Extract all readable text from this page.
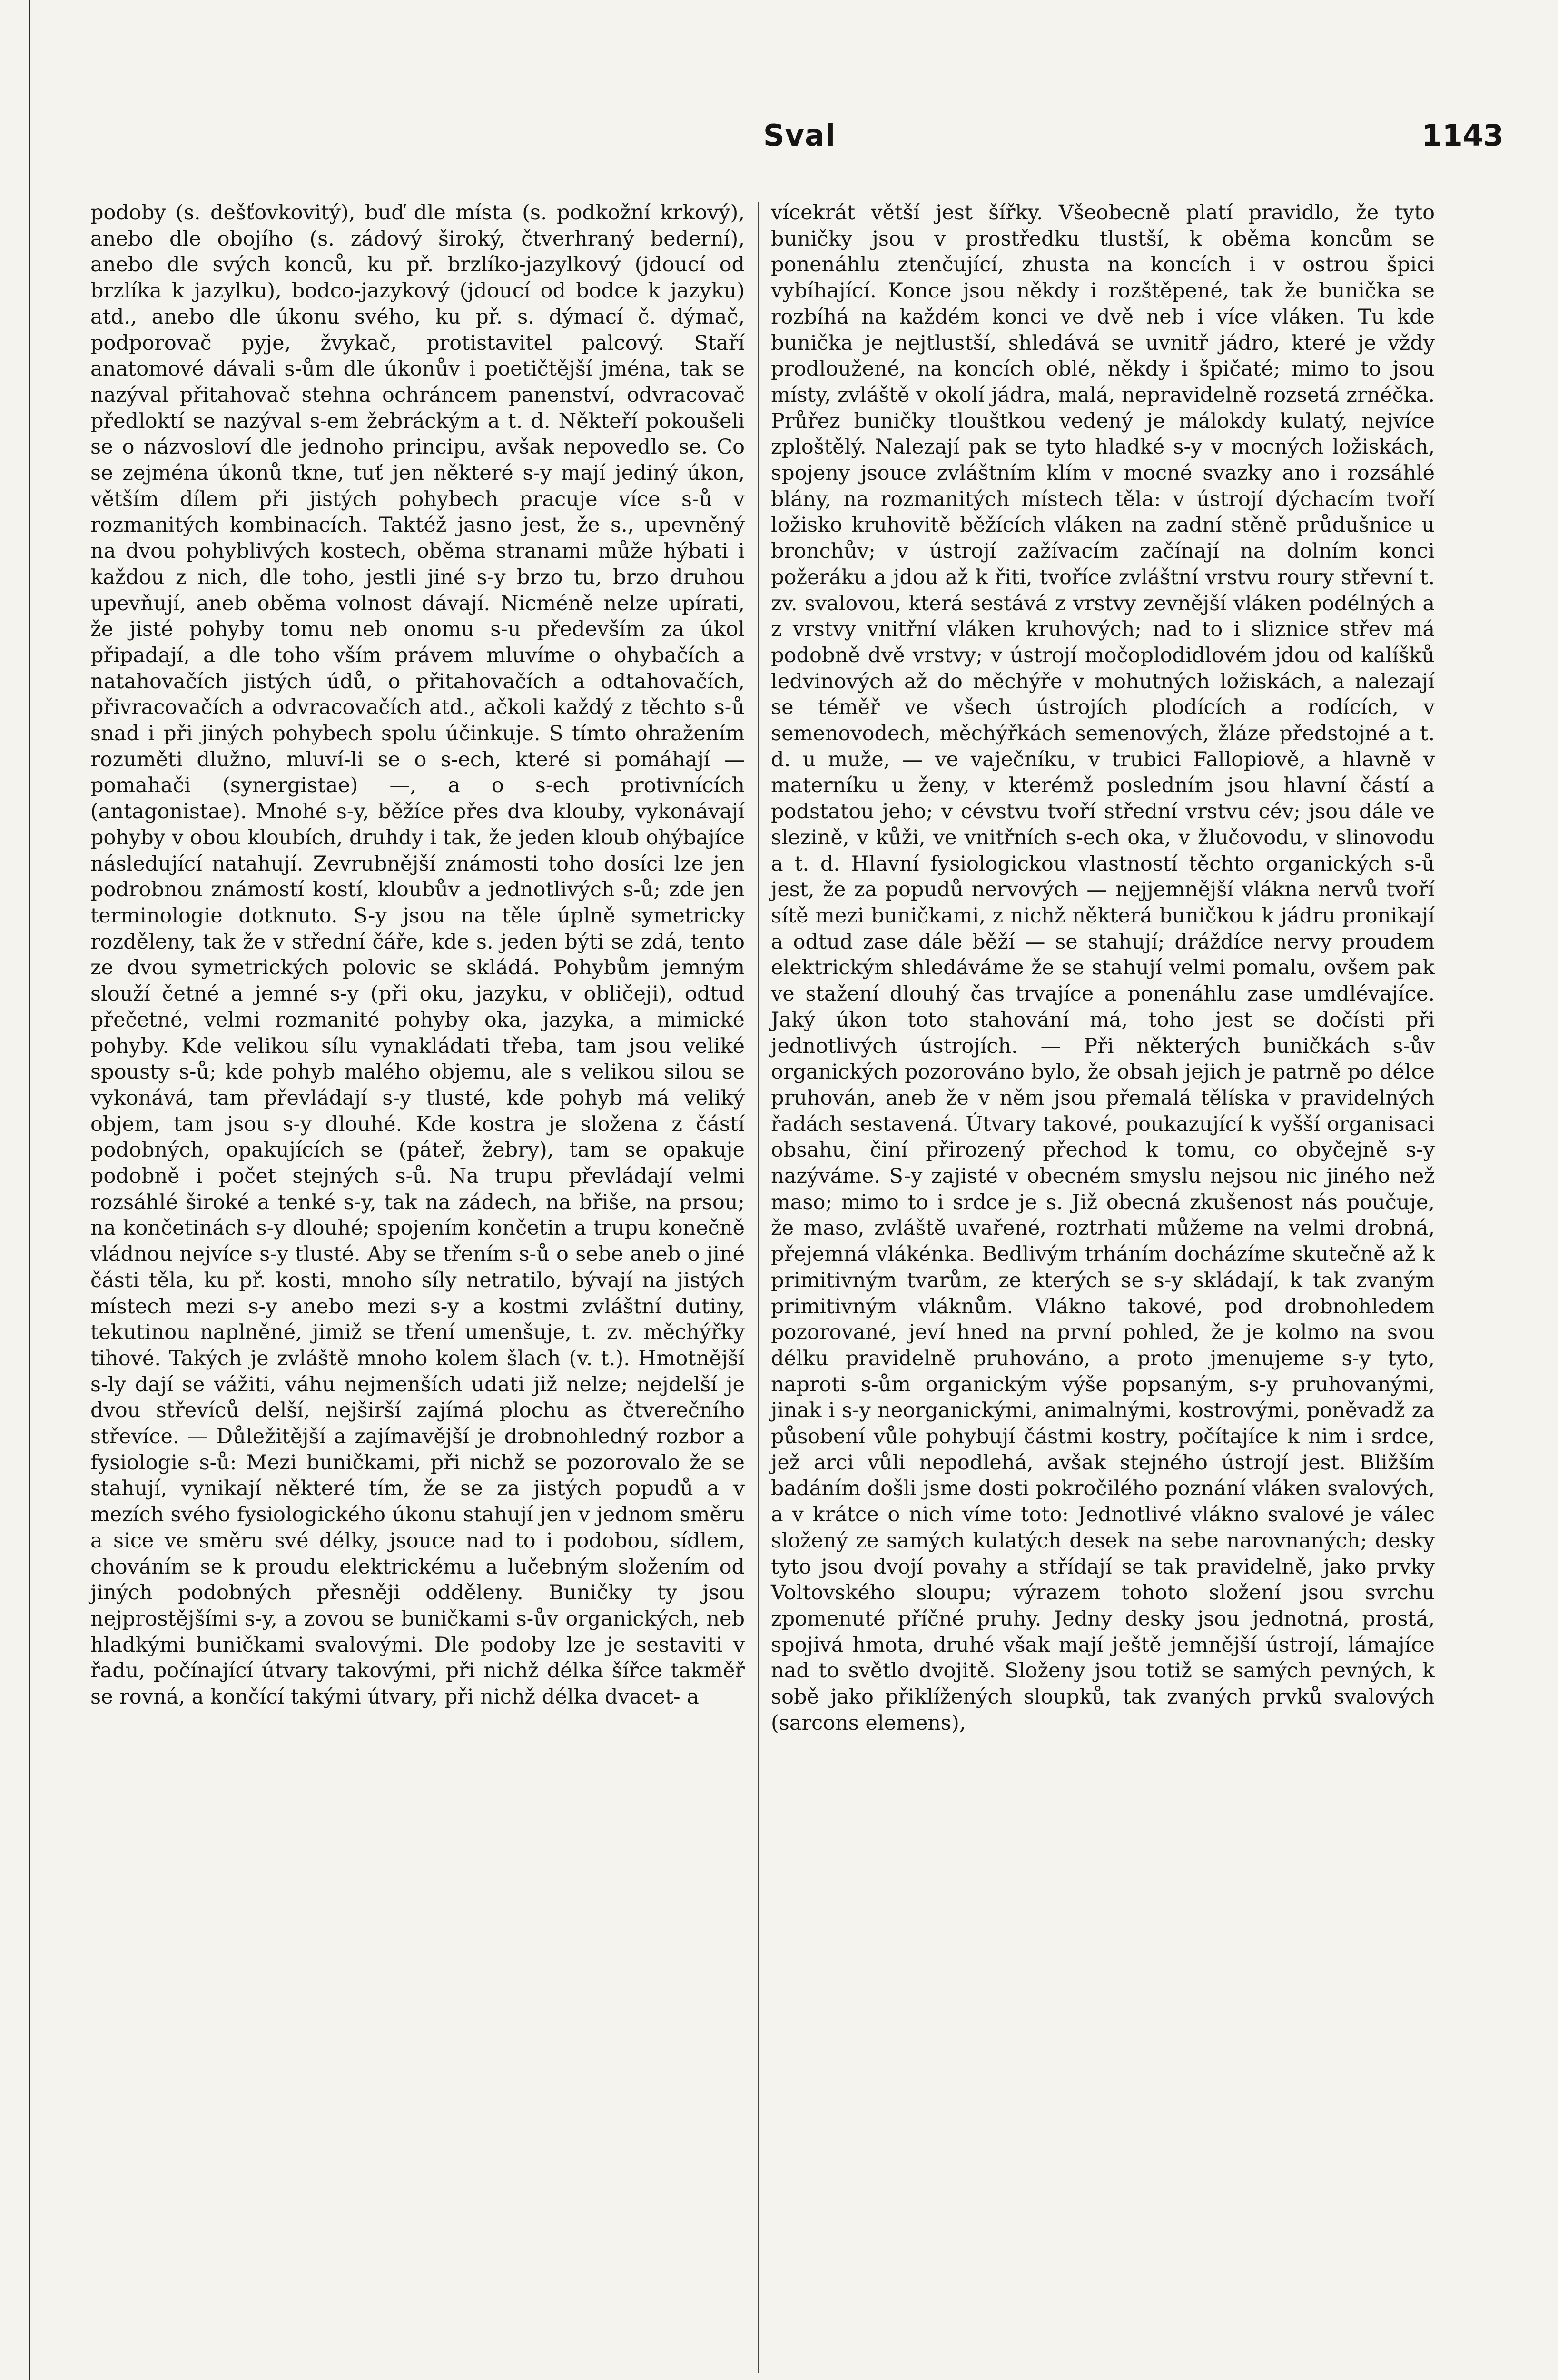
Sval	1143

podoby (s. dešťovkovitý), buď dle místa (s. podkožní krkový), anebo dle obojího (s. zádový široký, čtverhraný bederní), anebo dle svých konců, ku př. brzlíko-jazylkový (jdoucí od brzlíka k jazylku), bodco-jazykový (jdoucí od bodce k jazyku) atd., anebo dle úkonu svého, ku př. s. dýmací č. dýmač, podporovač pyje, žvykač, protistavitel palcový. Staří anatomové dávali s-ům dle úkonův i poetičtější jména, tak se nazýval přitahovač stehna ochráncem panenství, odvracovač předloktí se nazýval s-em žebráckým a t. d. Někteří pokoušeli se o názvosloví dle jednoho principu, avšak nepovedlo se. Co se zejména úkonů tkne, tuť jen některé s-y mají jediný úkon, větším dílem při jistých pohybech pracuje více s-ů v rozmanitých kombinacích. Taktéž jasno jest, že s., upevněný na dvou pohyblivých kostech, oběma stranami může hýbati i každou z nich, dle toho, jestli jiné s-y brzo tu, brzo druhou upevňují, aneb oběma volnost dávají. Nicméně nelze upírati, že jisté pohyby tomu neb onomu s-u především za úkol připadají, a dle toho vším právem mluvíme o ohybačích a natahovačích jistých údů, o přitahovačích a odtahovačích, přivracovačích a odvracovačích atd., ačkoli každý z těchto s-ů snad i při jiných pohybech spolu účinkuje. S tímto ohražením rozuměti dlužno, mluví-li se o s-ech, které si pomáhají — pomahači (synergistae) —, a o s-ech protivnících (antagonistae). Mnohé s-y, běžíce přes dva klouby, vykonávají pohyby v obou kloubích, druhdy i tak, že jeden kloub ohýbajíce následující natahují. Zevrubnější známosti toho dosíci lze jen podrobnou známostí kostí, kloubův a jednotlivých s-ů; zde jen terminologie dotknuto. S-y jsou na těle úplně symetricky rozděleny, tak že v střední čáře, kde s. jeden býti se zdá, tento ze dvou symetrických polovic se skládá. Pohybům jemným slouží četné a jemné s-y (při oku, jazyku, v obličeji), odtud přečetné, velmi rozmanité pohyby oka, jazyka, a mimické pohyby. Kde velikou sílu vynakládati třeba, tam jsou veliké spousty s-ů; kde pohyb malého objemu, ale s velikou silou se vykonává, tam převládají s-y tlusté, kde pohyb má veliký objem, tam jsou s-y dlouhé. Kde kostra je složena z částí podobných, opakujících se (páteř, žebry), tam se opakuje podobně i počet stejných s-ů. Na trupu převládají velmi rozsáhlé široké a tenké s-y, tak na zádech, na břiše, na prsou; na končetinách s-y dlouhé; spojením končetin a trupu konečně vládnou nejvíce s-y tlusté. Aby se třením s-ů o sebe aneb o jiné části těla, ku př. kosti, mnoho síly netratilo, bývají na jistých místech mezi s-y anebo mezi s-y a kostmi zvláštní dutiny, tekutinou naplněné, jimiž se tření umenšuje, t. zv. měchýřky tihové. Takých je zvláště mnoho kolem šlach (v. t.). Hmotnější s-ly dají se vážiti, váhu nejmenších udati již nelze; nejdelší je dvou střevíců delší, nejširší zajímá plochu as čtverečního střevíce. — Důležitější a zajímavější je drobnohledný rozbor a fysiologie s-ů: Mezi buničkami, při nichž se pozorovalo že se stahují, vynikají některé tím, že se za jistých popudů a v mezích svého fysiologického úkonu stahují jen v jednom směru a sice ve směru své délky, jsouce nad to i podobou, sídlem, chováním se k proudu elektrickému a lučebným složením od jiných podobných přesněji odděleny. Buničky ty jsou nejprostějšími s-y, a zovou se buničkami s-ův organických, neb hladkými buničkami svalovými. Dle podoby lze je sestaviti v řadu, počínající útvary takovými, při nichž délka šířce takměř se rovná, a končící takými útvary, při nichž délka dvacet- a

vícekrát větší jest šířky. Všeobecně platí pravidlo, že tyto buničky jsou v prostředku tlustší, k oběma koncům se ponenáhlu ztenčující, zhusta na koncích i v ostrou špici vybíhající. Konce jsou někdy i rozštěpené, tak že bunička se rozbíhá na každém konci ve dvě neb i více vláken. Tu kde bunička je nejtlustší, shledává se uvnitř jádro, které je vždy prodloužené, na koncích oblé, někdy i špičaté; mimo to jsou místy, zvláště v okolí jádra, malá, nepravidelně rozsetá zrnéčka. Průřez buničky tlouštkou vedený je málokdy kulatý, nejvíce zploštělý. Nalezají pak se tyto hladké s-y v mocných ložiskách, spojeny jsouce zvláštním klím v mocné svazky ano i rozsáhlé blány, na rozmanitých místech těla: v ústrojí dýchacím tvoří ložisko kruhovitě běžících vláken na zadní stěně průdušnice u bronchův; v ústrojí zažívacím začínají na dolním konci požeráku a jdou až k řiti, tvoříce zvláštní vrstvu roury střevní t. zv. svalovou, která sestává z vrstvy zevnější vláken podélných a z vrstvy vnitřní vláken kruhových; nad to i sliznice střev má podobně dvě vrstvy; v ústrojí močoplodidlovém jdou od kalíšků ledvinových až do měchýře v mohutných ložiskách, a nalezají se téměř ve všech ústrojích plodících a rodících, v semenovodech, měchýřkách semenových, žláze předstojné a t. d. u muže, — ve vaječníku, v trubici Fallopiově, a hlavně v materníku u ženy, v kterémž posledním jsou hlavní částí a podstatou jeho; v cévstvu tvoří střední vrstvu cév; jsou dále ve slezině, v kůži, ve vnitřních s-ech oka, v žlučovodu, v slinovodu a t. d. Hlavní fysiologickou vlastností těchto organických s-ů jest, že za popudů nervových — nejjemnější vlákna nervů tvoří sítě mezi buničkami, z nichž některá buničkou k jádru pronikají a odtud zase dále běží — se stahují; dráždíce nervy proudem elektrickým shledáváme že se stahují velmi pomalu, ovšem pak ve stažení dlouhý čas trvajíce a ponenáhlu zase umdlévajíce. Jaký úkon toto stahování má, toho jest se dočísti při jednotlivých ústrojích. — Při některých buničkách s-ův organických pozorováno bylo, že obsah jejich je patrně po délce pruhován, aneb že v něm jsou přemalá tělíska v pravidelných řadách sestavená. Útvary takové, poukazující k vyšší organisaci obsahu, činí přirozený přechod k tomu, co obyčejně s-y nazýváme. S-y zajisté v obecném smyslu nejsou nic jiného než maso; mimo to i srdce je s. Již obecná zkušenost nás poučuje, že maso, zvláště uvařené, roztrhati můžeme na velmi drobná, přejemná vlákénka. Bedlivým trháním docházíme skutečně až k primitivným tvarům, ze kterých se s-y skládají, k tak zvaným primitivným vláknům. Vlákno takové, pod drobnohledem pozorované, jeví hned na první pohled, že je kolmo na svou délku pravidelně pruhováno, a proto jmenujeme s-y tyto, naproti s-ům organickým výše popsaným, s-y pruhovanými, jinak i s-y neorganickými, animalnými, kostrovými, poněvadž za působení vůle pohybují částmi kostry, počítajíce k nim i srdce, jež arci vůli nepodlehá, avšak stejného ústrojí jest. Bližším badáním došli jsme dosti pokročilého poznání vláken svalových, a v krátce o nich víme toto: Jednotlivé vlákno svalové je válec složený ze samých kulatých desek na sebe narovnaných; desky tyto jsou dvojí povahy a střídají se tak pravidelně, jako prvky Voltovského sloupu; výrazem tohoto složení jsou svrchu zpomenuté příčné pruhy. Jedny desky jsou jednotná, prostá, spojivá hmota, druhé však mají ještě jemnější ústrojí, lámajíce nad to světlo dvojitě. Složeny jsou totiž se samých pevných, k sobě jako přiklížených sloupků, tak zvaných prvků svalových (sarcons elemens),
